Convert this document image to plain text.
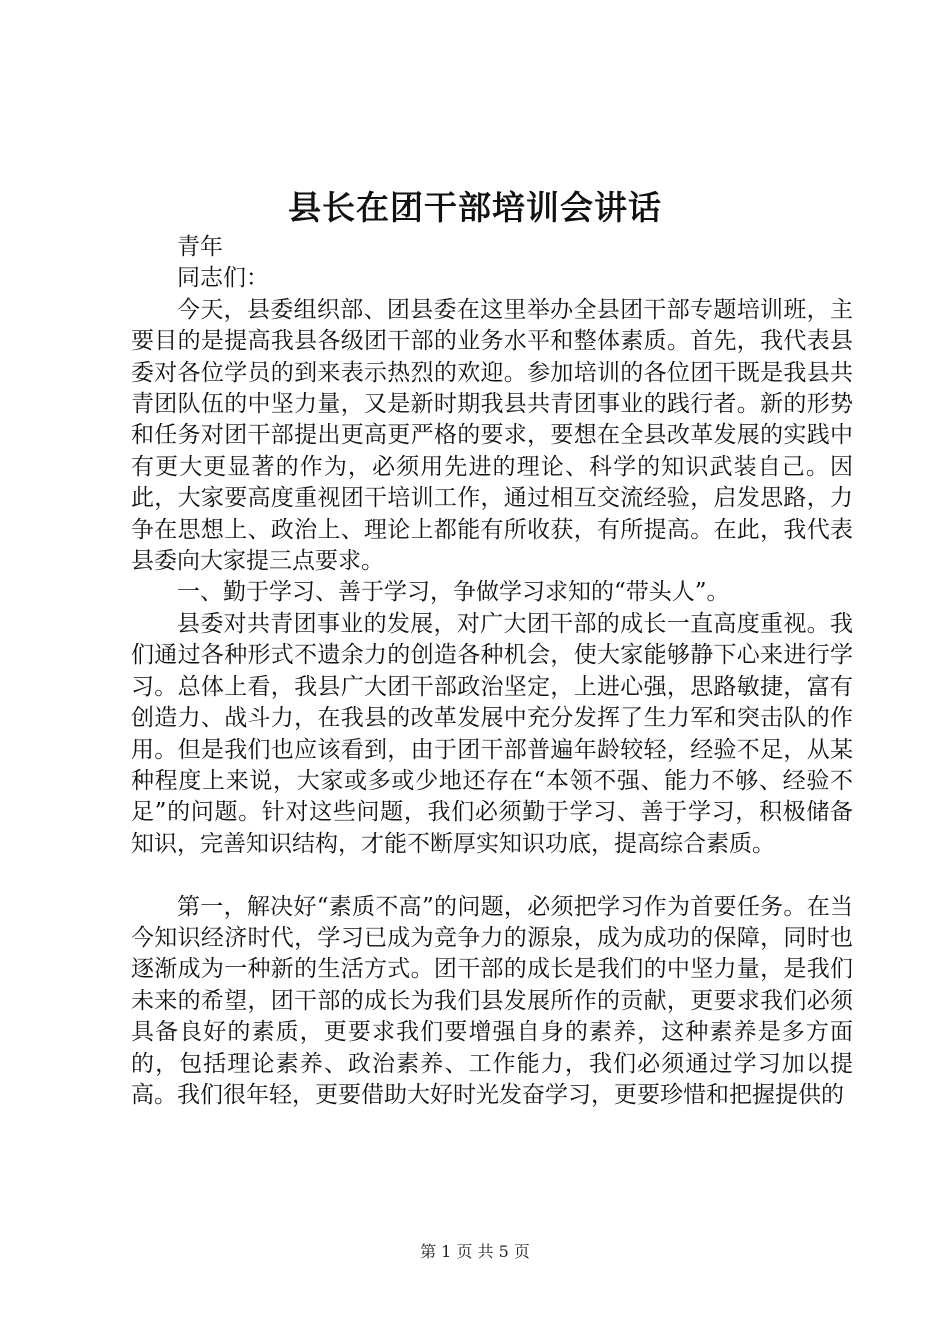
县长在团干部培训会讲话

青年

同志们：

今天，县委组织部、团县委在这里举办全县团干部专题培训班，主要目的是提高我县各级团干部的业务水平和整体素质。首先，我代表县委对各位学员的到来表示热烈的欢迎。参加培训的各位团干既是我县共青团队伍的中坚力量，又是新时期我县共青团事业的践行者。新的形势和任务对团干部提出更高更严格的要求，要想在全县改革发展的实践中有更大更显著的作为，必须用先进的理论、科学的知识武装自己。因此，大家要高度重视团干培训工作，通过相互交流经验，启发思路，力争在思想上、政治上、理论上都能有所收获，有所提高。在此，我代表县委向大家提三点要求。

一、勤于学习、善于学习，争做学习求知的“带头人”。

县委对共青团事业的发展，对广大团干部的成长一直高度重视。我们通过各种形式不遗余力的创造各种机会，使大家能够静下心来进行学习。总体上看，我县广大团干部政治坚定，上进心强，思路敏捷，富有创造力、战斗力，在我县的改革发展中充分发挥了生力军和突击队的作用。但是我们也应该看到，由于团干部普遍年龄较轻，经验不足，从某种程度上来说，大家或多或少地还存在“本领不强、能力不够、经验不足”的问题。针对这些问题，我们必须勤于学习、善于学习，积极储备知识，完善知识结构，才能不断厚实知识功底，提高综合素质。

第一，解决好“素质不高”的问题，必须把学习作为首要任务。在当今知识经济时代，学习已成为竞争力的源泉，成为成功的保障，同时也逐渐成为一种新的生活方式。团干部的成长是我们的中坚力量，是我们未来的希望，团干部的成长为我们县发展所作的贡献，更要求我们必须具备良好的素质，更要求我们要增强自身的素养，这种素养是多方面的，包括理论素养、政治素养、工作能力，我们必须通过学习加以提高。我们很年轻，更要借助大好时光发奋学习，更要珍惜和把握提供的

第 1 页 共 5 页
